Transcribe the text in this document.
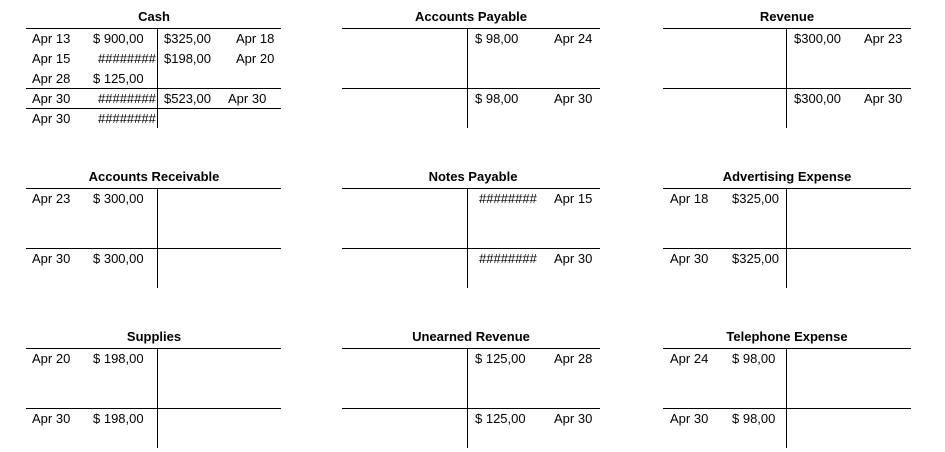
Cash
Apr 13 $ 900,00 $325,00 Apr 18
Apr 15 ######## $198,00 Apr 20
Apr 28 $ 125,00
Apr 30 ######## $523,00 Apr 30
Apr 30 ########
Accounts Payable
$ 98,00	Apr 24
$ 98,00	Apr 30
Revenue
$300,00 Apr 23
$300,00 Apr 30
Accounts Receivable
Apr 23 $ 300,00
Apr 30 $ 300,00
Notes Payable
######## Apr 15
######## Apr 30
Advertising Expense
Apr 18 $325,00
Apr 30 $325,00
Supplies
Apr 20 $ 198,00
Apr 30 $ 198,00
Unearned Revenue
$ 125,00 Apr 28
$ 125,00 Apr 30
Telephone Expense
Apr 24 $ 98,00
Apr 30 $ 98,00
